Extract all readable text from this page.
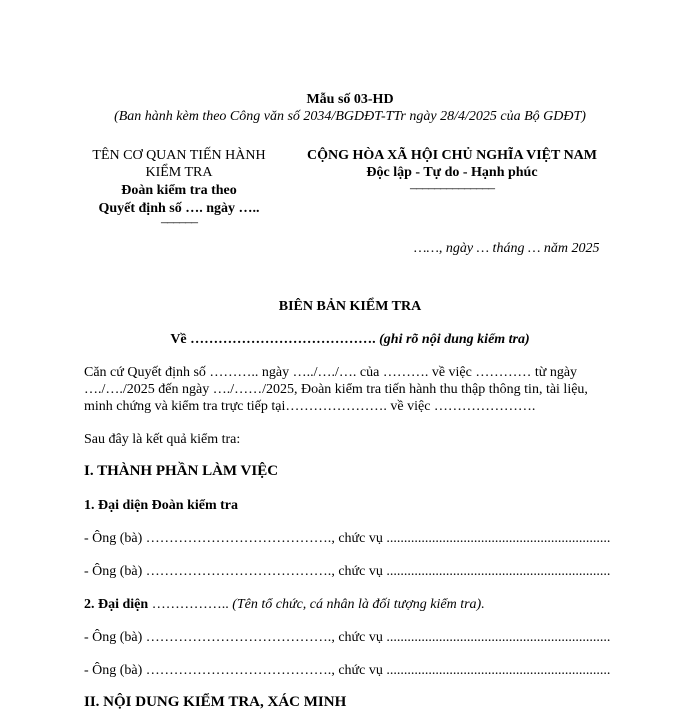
Mẫu số 03-HD
(Ban hành kèm theo Công văn số 2034/BGDĐT-TTr ngày 28/4/2025 của Bộ GDĐT)
TÊN CƠ QUAN TIẾN HÀNH
KIỂM TRA
Đoàn kiểm tra theo
Quyết định số …. ngày …..
––––––
CỘNG HÒA XÃ HỘI CHỦ NGHĨA VIỆT NAM
Độc lập - Tự do - Hạnh phúc
––––––––––––––
……, ngày … tháng … năm 2025
BIÊN BẢN KIỂM TRA
Về …………………………………. (ghi rõ nội dung kiểm tra)
Căn cứ Quyết định số ……….. ngày …../…./…. của ………. về việc ………… từ ngày
…./…./2025 đến ngày …./……/2025, Đoàn kiểm tra tiến hành thu thập thông tin, tài liệu,
minh chứng và kiểm tra trực tiếp tại…………………. về việc ………………….
Sau đây là kết quả kiểm tra:
I. THÀNH PHẦN LÀM VIỆC
1. Đại diện Đoàn kiểm tra
- Ông (bà) …………………………………., chức vụ ................................................................
- Ông (bà) …………………………………., chức vụ ................................................................
2. Đại diện …………….. (Tên tổ chức, cá nhân là đối tượng kiểm tra).
- Ông (bà) …………………………………., chức vụ ................................................................
- Ông (bà) …………………………………., chức vụ ................................................................
II. NỘI DUNG KIỂM TRA, XÁC MINH
